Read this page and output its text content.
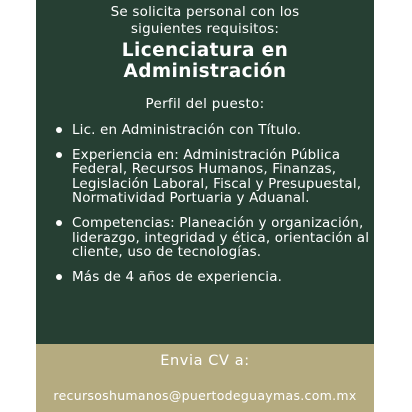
Se solicita personal con los
siguientes requisitos:
Licenciatura en
Administración
Perfil del puesto:
Lic. en Administración con Título.
Experiencia en: Administración Pública Federal, Recursos Humanos, Finanzas, Legislación Laboral, Fiscal y Presupuestal, Normatividad Portuaria y Aduanal.
Competencias: Planeación y organización, liderazgo, integridad y ética, orientación al cliente, uso de tecnologías.
Más de 4 años de experiencia.
Envia CV a:
recursoshumanos@puertodeguaymas.com.mx
